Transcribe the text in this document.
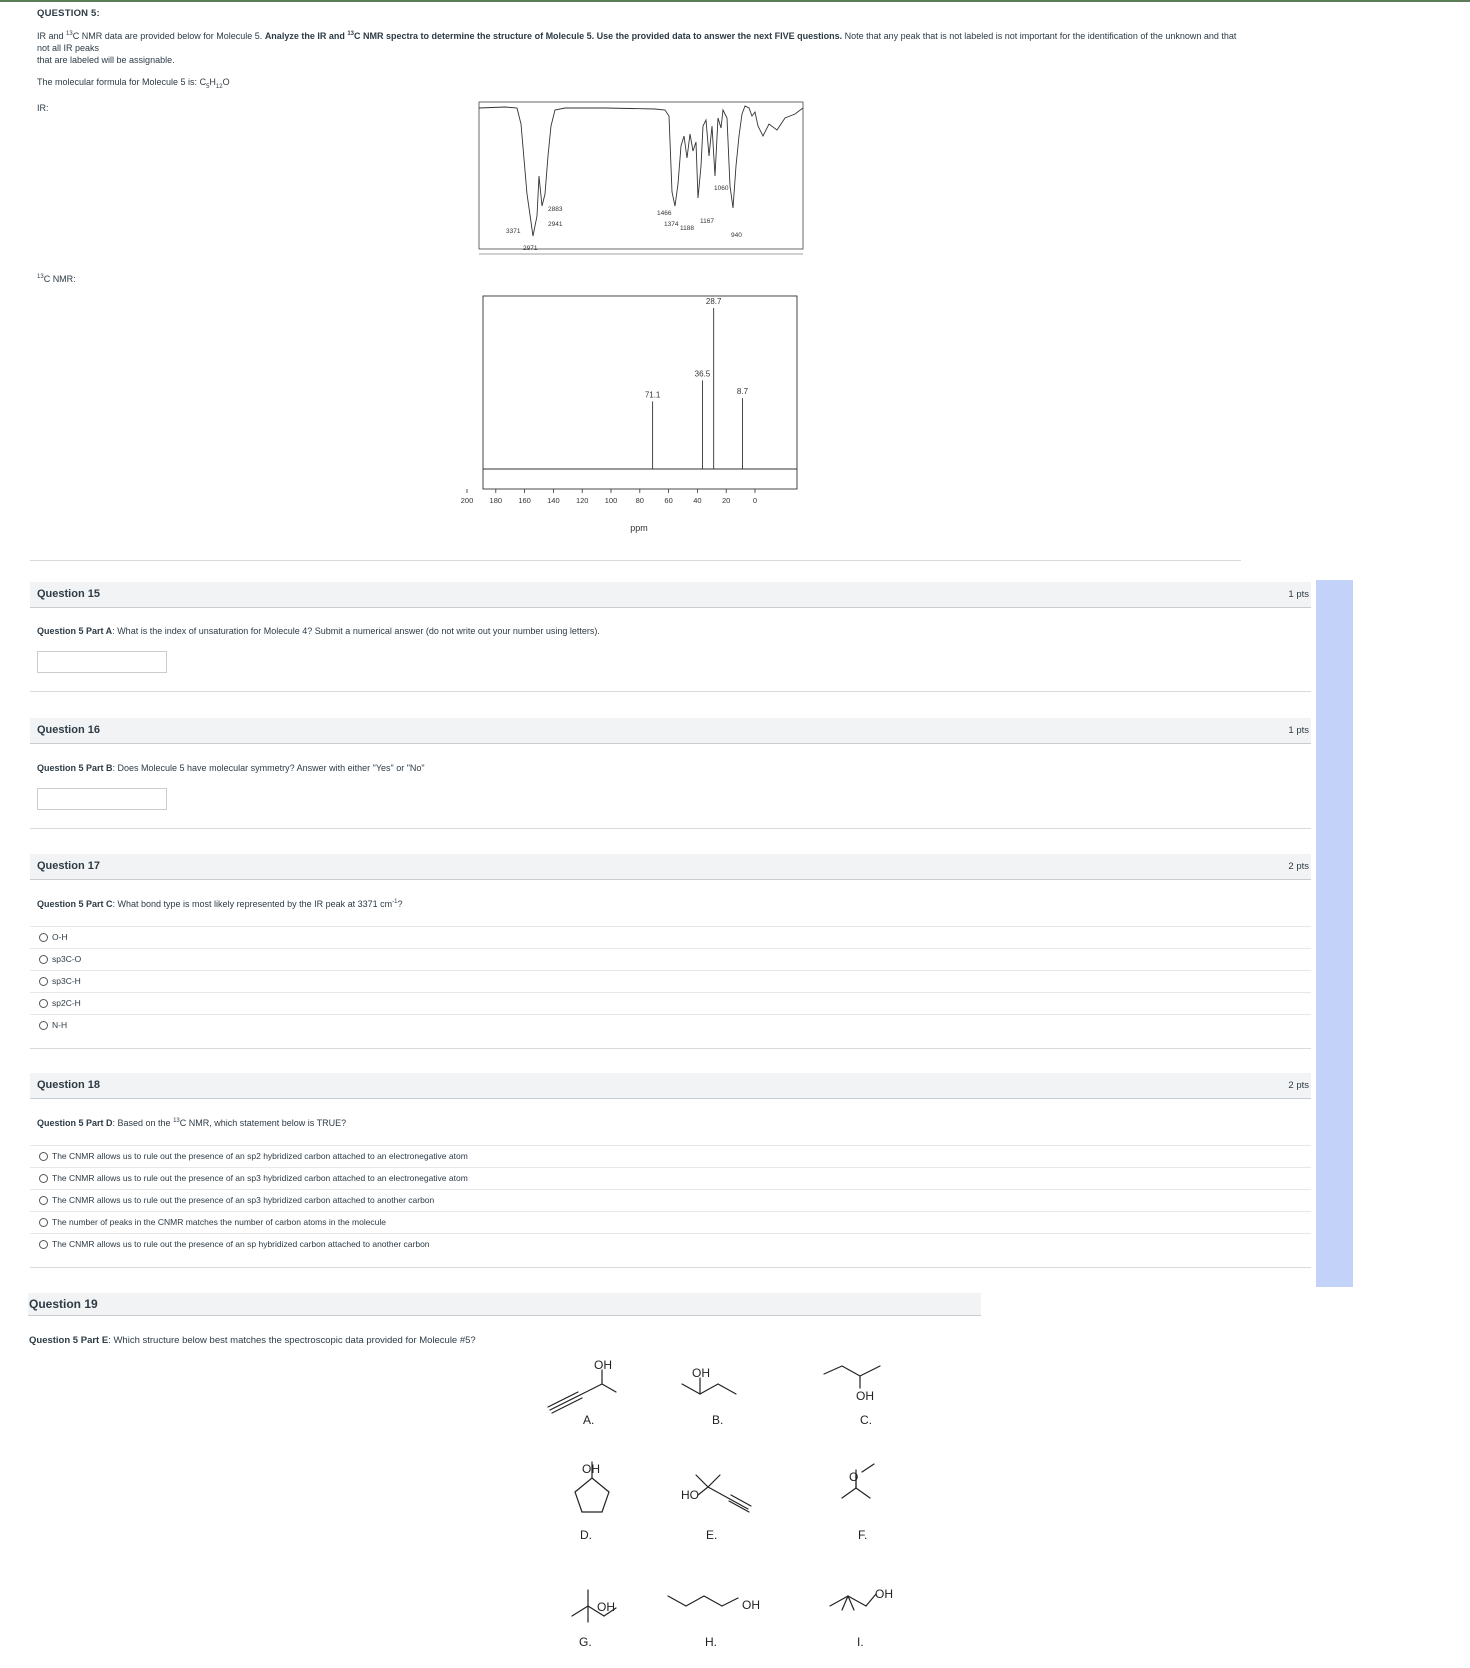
QUESTION 5:

IR and $^{13}$C NMR data are provided below for Molecule 5. Analyze the IR and $^{13}$C NMR spectra to determine the structure of Molecule 5. Use the provided data to answer the next FIVE questions. Note that any peak that is not labeled is not important for the identification of the unknown and that not all IR peaks
that are labeled will be assignable.

The molecular formula for Molecule 5 is: $C_5H_{12}O$

IR:

3371
2971
2941
2883
1466
1374
1188
1167
1060
940
$^{13}$C NMR:
200 180 160 140 120 100 80	60	40	20	0
71.1
36.5
28.7
8.7
ppm
Question 15	1 pts
Question 5 Part A: What is the index of unsaturation for Molecule 4? Submit a numerical answer (do not write out your number using letters).
Question 16	1 pts
Question 5 Part B: Does Molecule 5 have molecular symmetry? Answer with either "Yes" or "No"
Question 17	2 pts
Question 5 Part C: What bond type is most likely represented by the IR peak at 3371 $cm^{-1}$?
O-H
sp3C-O
sp3C-H
sp2C-H
N-H
Question 18	2 pts
Question 5 Part D: Based on the $^{13}$C NMR, which statement below is TRUE?
The CNMR allows us to rule out the presence of an sp2 hybridized carbon attached to an electronegative atom
The CNMR allows us to rule out the presence of an sp3 hybridized carbon attached to an electronegative atom
The CNMR allows us to rule out the presence of an sp3 hybridized carbon attached to another carbon
The number of peaks in the CNMR matches the number of carbon atoms in the molecule
The CNMR allows us to rule out the presence of an sp hybridized carbon attached to another carbon
Question 19
Question 5 Part E: Which structure below best matches the spectroscopic data provided for Molecule #5?
OH
A.
OH
B.
OH
C.
OH
D.
HO
E.
O
F.
OH
G.
OH
H.
OH
I.
